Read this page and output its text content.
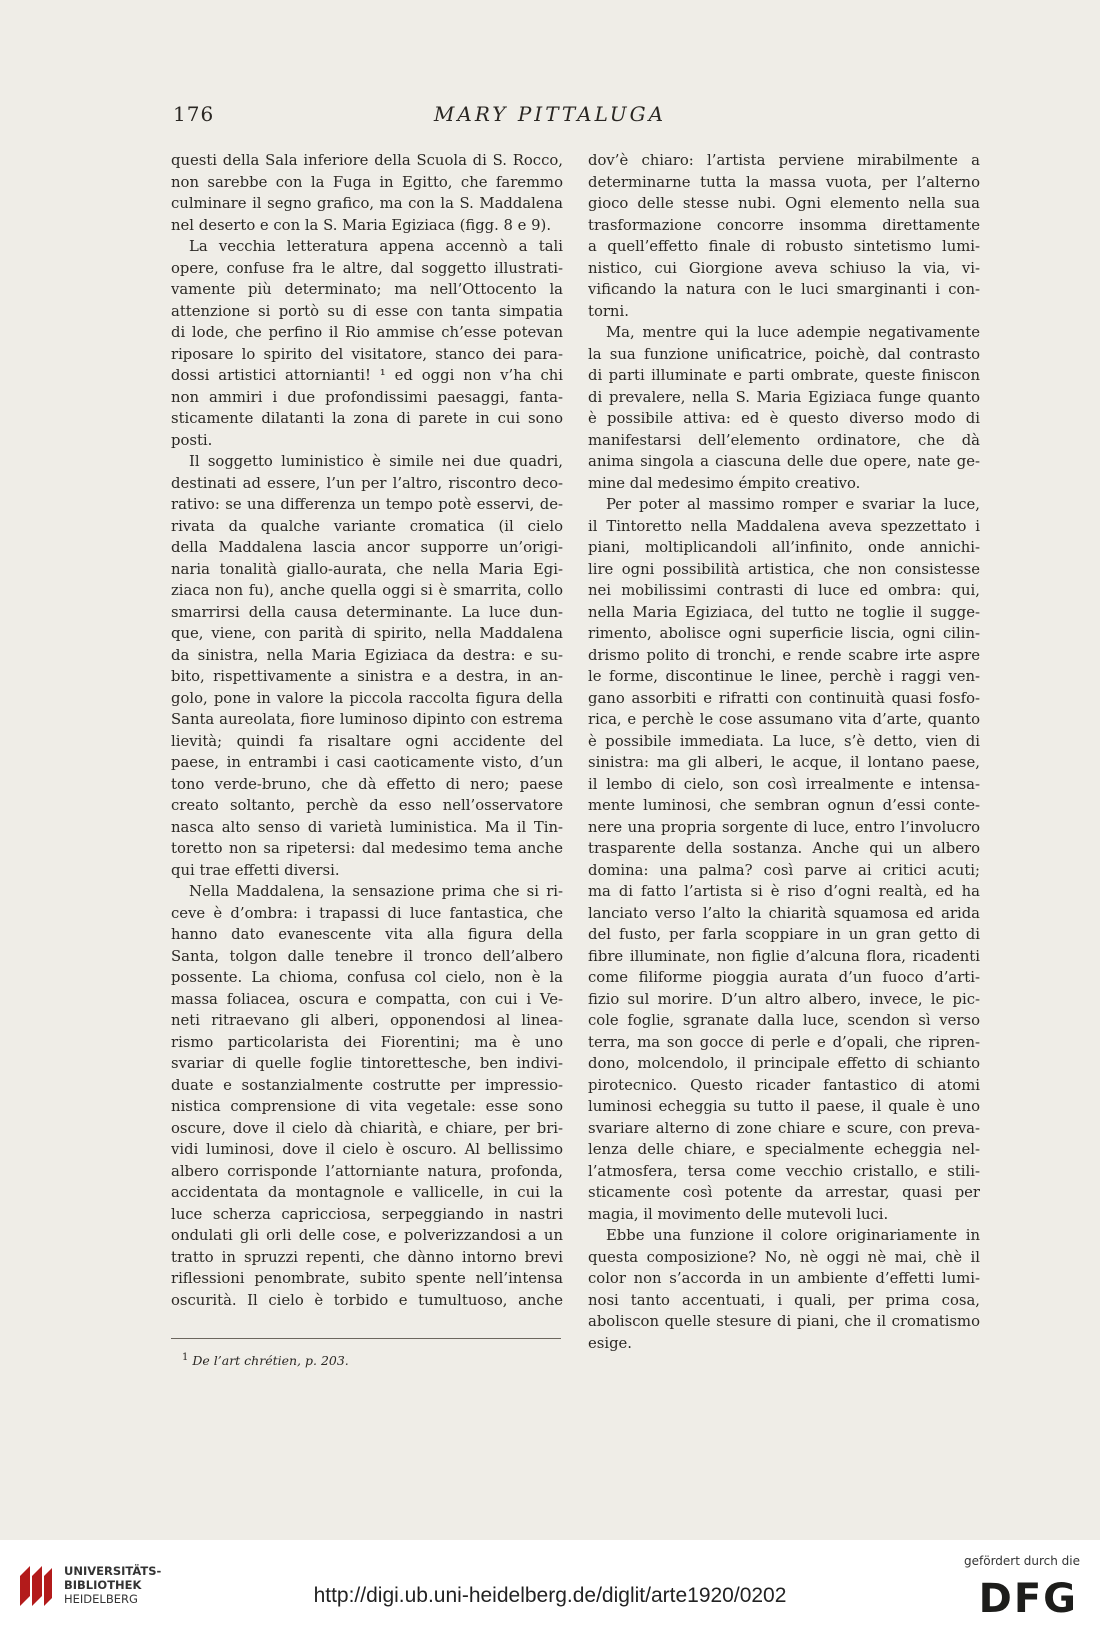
176	MARY PITTALUGA
questi della Sala inferiore della Scuola di S. Rocco,
non sarebbe con la Fuga in Egitto, che faremmo
culminare il segno grafico, ma con la S. Maddalena
nel deserto e con la S. Maria Egiziaca (figg. 8 e 9).
La vecchia letteratura appena accennò a tali
opere, confuse fra le altre, dal soggetto illustrati-
vamente più determinato; ma nell’Ottocento la
attenzione si portò su di esse con tanta simpatia
di lode, che perfino il Rio ammise ch’esse potevan
riposare lo spirito del visitatore, stanco dei para-
dossi artistici attornianti! ¹ ed oggi non v’ha chi
non ammiri i due profondissimi paesaggi, fanta-
sticamente dilatanti la zona di parete in cui sono
posti.
Il soggetto luministico è simile nei due quadri,
destinati ad essere, l’un per l’altro, riscontro deco-
rativo: se una differenza un tempo potè esservi, de-
rivata da qualche variante cromatica (il cielo
della Maddalena lascia ancor supporre un’origi-
naria tonalità giallo-aurata, che nella Maria Egi-
ziaca non fu), anche quella oggi si è smarrita, collo
smarrirsi della causa determinante. La luce dun-
que, viene, con parità di spirito, nella Maddalena
da sinistra, nella Maria Egiziaca da destra: e su-
bito, rispettivamente a sinistra e a destra, in an-
golo, pone in valore la piccola raccolta figura della
Santa aureolata, fiore luminoso dipinto con estrema
lievità; quindi fa risaltare ogni accidente del
paese, in entrambi i casi caoticamente visto, d’un
tono verde-bruno, che dà effetto di nero; paese
creato soltanto, perchè da esso nell’osservatore
nasca alto senso di varietà luministica. Ma il Tin-
toretto non sa ripetersi: dal medesimo tema anche
qui trae effetti diversi.
Nella Maddalena, la sensazione prima che si ri-
ceve è d’ombra: i trapassi di luce fantastica, che
hanno dato evanescente vita alla figura della
Santa, tolgon dalle tenebre il tronco dell’albero
possente. La chioma, confusa col cielo, non è la
massa foliacea, oscura e compatta, con cui i Ve-
neti ritraevano gli alberi, opponendosi al linea-
rismo particolarista dei Fiorentini; ma è uno
svariar di quelle foglie tintorettesche, ben indivi-
duate e sostanzialmente costrutte per impressio-
nistica comprensione di vita vegetale: esse sono
oscure, dove il cielo dà chiarità, e chiare, per bri-
vidi luminosi, dove il cielo è oscuro. Al bellissimo
albero corrisponde l’attorniante natura, profonda,
accidentata da montagnole e vallicelle, in cui la
luce scherza capricciosa, serpeggiando in nastri
ondulati gli orli delle cose, e polverizzandosi a un
tratto in spruzzi repenti, che dànno intorno brevi
riflessioni penombrate, subito spente nell’intensa
oscurità. Il cielo è torbido e tumultuoso, anche
dov’è chiaro: l’artista perviene mirabilmente a
determinarne tutta la massa vuota, per l’alterno
gioco delle stesse nubi. Ogni elemento nella sua
trasformazione concorre insomma direttamente
a quell’effetto finale di robusto sintetismo lumi-
nistico, cui Giorgione aveva schiuso la via, vi-
vificando la natura con le luci smarginanti i con-
torni.
Ma, mentre qui la luce adempie negativamente
la sua funzione unificatrice, poichè, dal contrasto
di parti illuminate e parti ombrate, queste finiscon
di prevalere, nella S. Maria Egiziaca funge quanto
è possibile attiva: ed è questo diverso modo di
manifestarsi dell’elemento ordinatore, che dà
anima singola a ciascuna delle due opere, nate ge-
mine dal medesimo émpito creativo.
Per poter al massimo romper e svariar la luce,
il Tintoretto nella Maddalena aveva spezzettato i
piani, moltiplicandoli all’infinito, onde annichi-
lire ogni possibilità artistica, che non consistesse
nei mobilissimi contrasti di luce ed ombra: qui,
nella Maria Egiziaca, del tutto ne toglie il sugge-
rimento, abolisce ogni superficie liscia, ogni cilin-
drismo polito di tronchi, e rende scabre irte aspre
le forme, discontinue le linee, perchè i raggi ven-
gano assorbiti e rifratti con continuità quasi fosfo-
rica, e perchè le cose assumano vita d’arte, quanto
è possibile immediata. La luce, s’è detto, vien di
sinistra: ma gli alberi, le acque, il lontano paese,
il lembo di cielo, son così irrealmente e intensa-
mente luminosi, che sembran ognun d’essi conte-
nere una propria sorgente di luce, entro l’involucro
trasparente della sostanza. Anche qui un albero
domina: una palma? così parve ai critici acuti;
ma di fatto l’artista si è riso d’ogni realtà, ed ha
lanciato verso l’alto la chiarità squamosa ed arida
del fusto, per farla scoppiare in un gran getto di
fibre illuminate, non figlie d’alcuna flora, ricadenti
come filiforme pioggia aurata d’un fuoco d’arti-
fizio sul morire. D’un altro albero, invece, le pic-
cole foglie, sgranate dalla luce, scendon sì verso
terra, ma son gocce di perle e d’opali, che ripren-
dono, molcendolo, il principale effetto di schianto
pirotecnico. Questo ricader fantastico di atomi
luminosi echeggia su tutto il paese, il quale è uno
svariare alterno di zone chiare e scure, con preva-
lenza delle chiare, e specialmente echeggia nel-
l’atmosfera, tersa come vecchio cristallo, e stili-
sticamente così potente da arrestar, quasi per
magia, il movimento delle mutevoli luci.
Ebbe una funzione il colore originariamente in
questa composizione? No, nè oggi nè mai, chè il
color non s’accorda in un ambiente d’effetti lumi-
nosi tanto accentuati, i quali, per prima cosa,
aboliscon quelle stesure di piani, che il cromatismo
esige.
$^1$ De l’art chrétien, p. 203.
UNIVERSITÄTS-
BIBLIOTHEK
HEIDELBERG	http://digi.ub.uni-heidelberg.de/diglit/arte1920/0202
gefördert durch die
DFG
